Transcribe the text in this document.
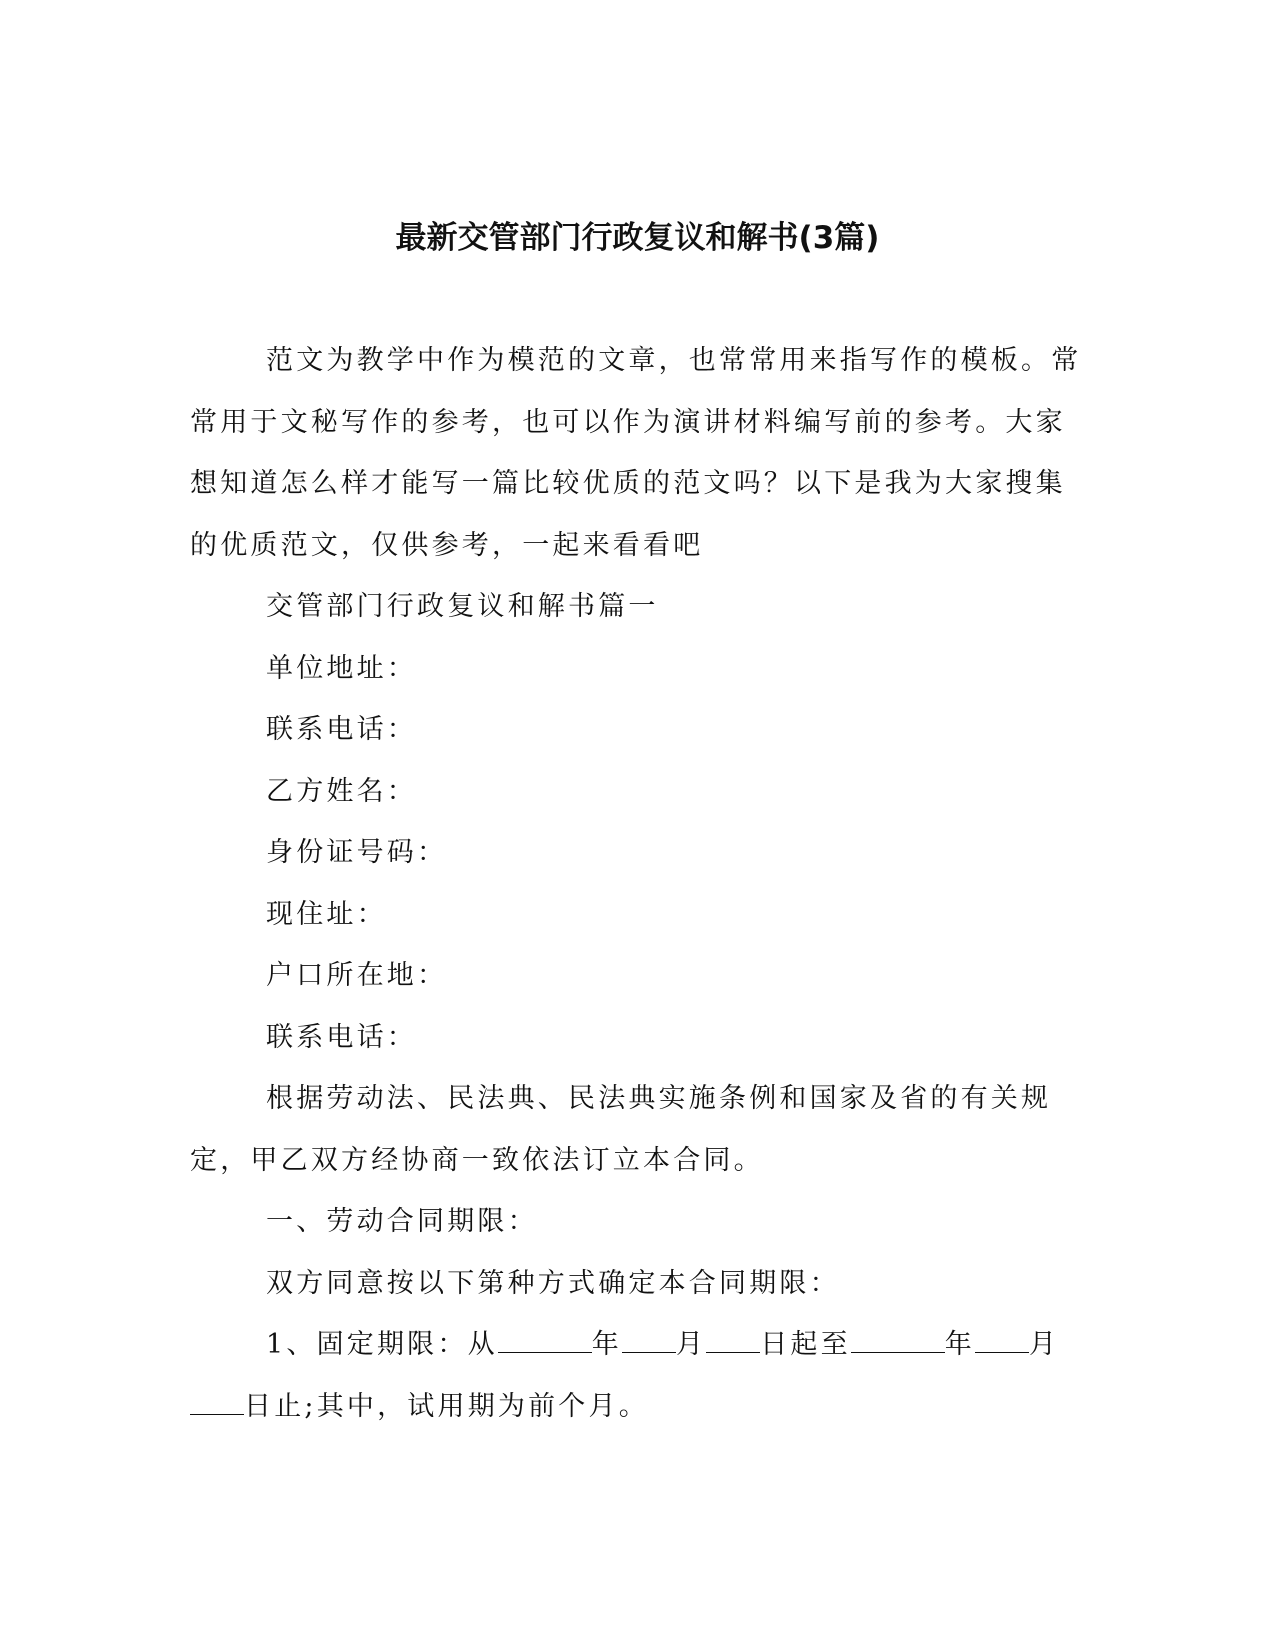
最新交管部门行政复议和解书(3篇)

范文为教学中作为模范的文章，也常常用来指写作的模板。常常用于文秘写作的参考，也可以作为演讲材料编写前的参考。大家想知道怎么样才能写一篇比较优质的范文吗？以下是我为大家搜集的优质范文，仅供参考，一起来看看吧

交管部门行政复议和解书篇一

单位地址：

联系电话：

乙方姓名：

身份证号码：

现住址：

户口所在地：

联系电话：

根据劳动法、民法典、民法典实施条例和国家及省的有关规定，甲乙双方经协商一致依法订立本合同。

一、劳动合同期限：

双方同意按以下第种方式确定本合同期限：

1、固定期限：从	年 月 日起至	年 月日止;其中，试用期为前个月。
